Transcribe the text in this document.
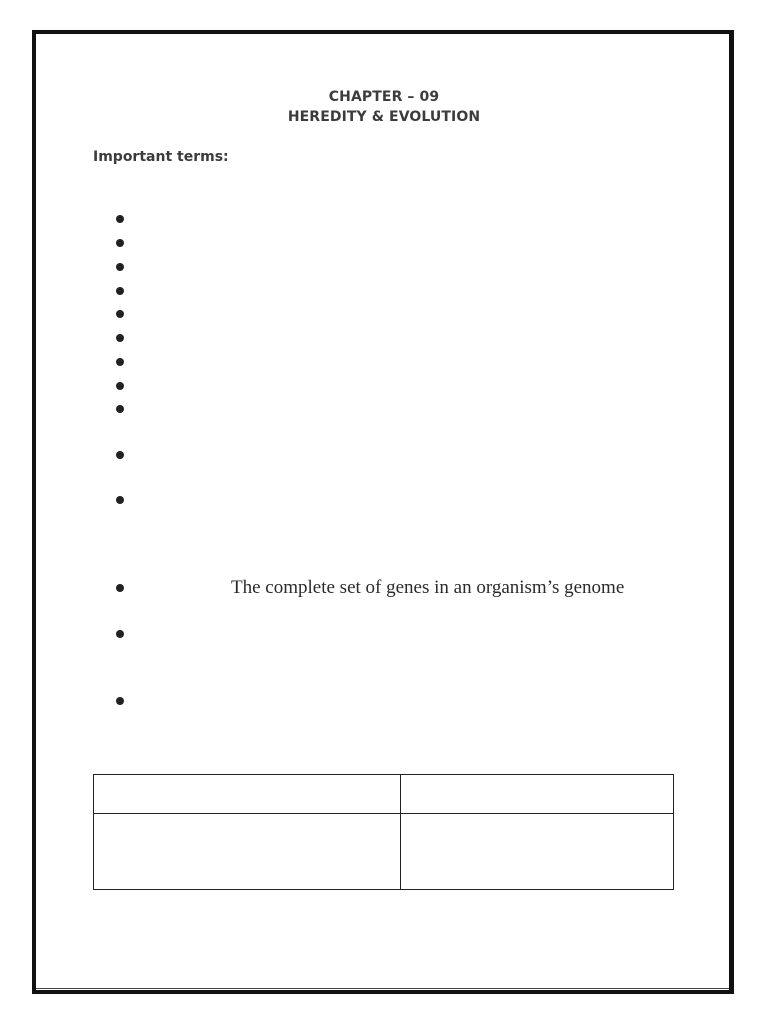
CHAPTER – 09
HEREDITY & EVOLUTION
Important terms:
The complete set of genes in an organism’s genome
